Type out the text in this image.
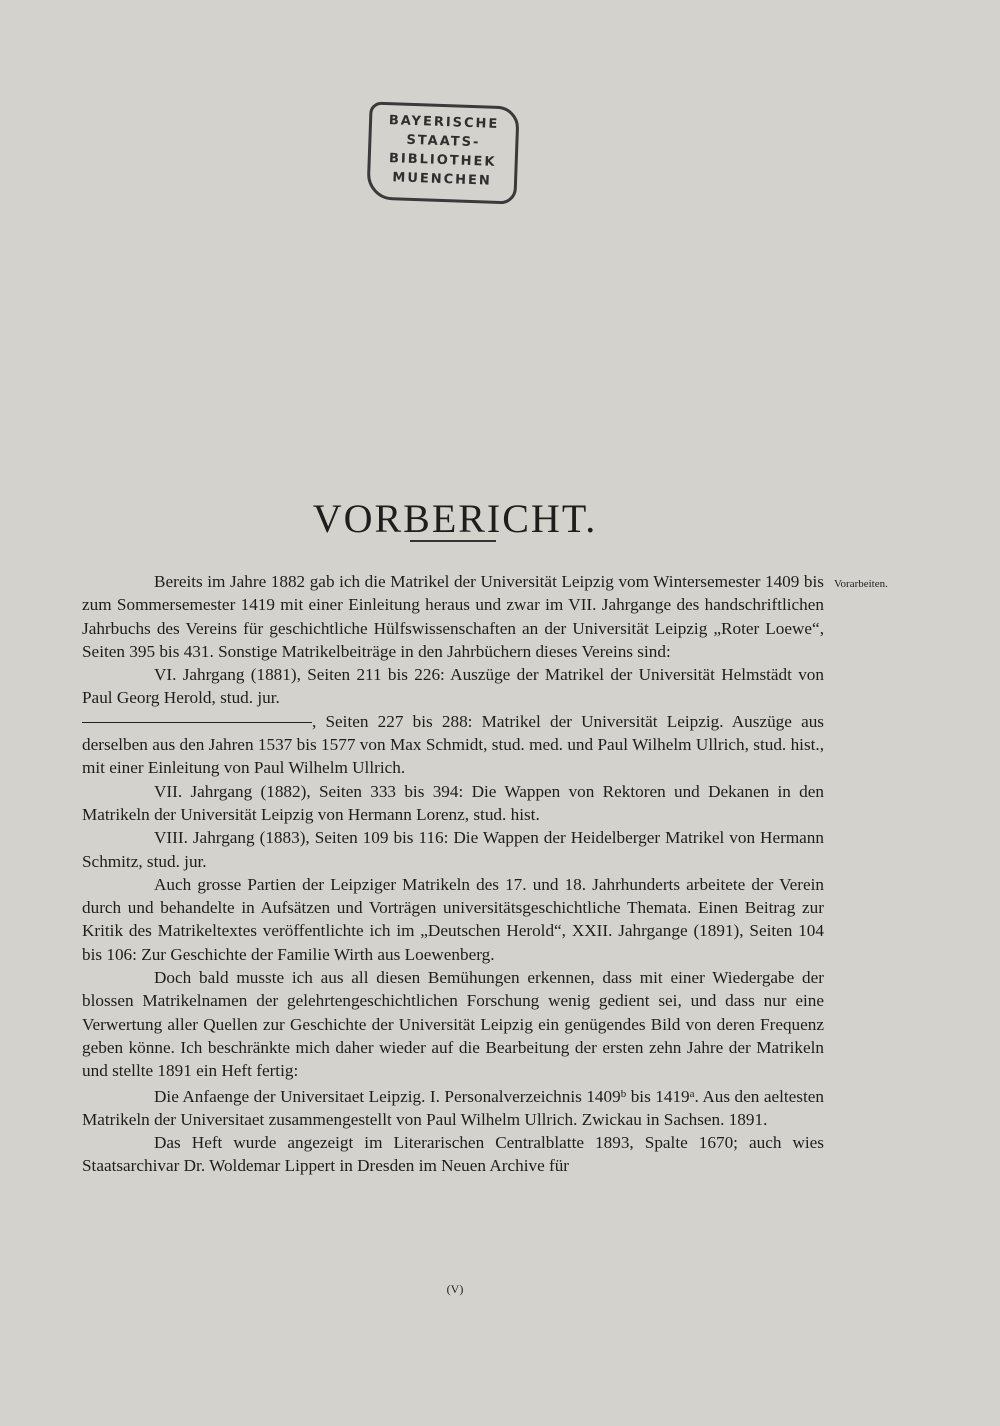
BAYERISCHE
STAATS-
BIBLIOTHEK
MUENCHEN
VORBERICHT.
Vorarbeiten.

Bereits im Jahre 1882 gab ich die Matrikel der Universität Leipzig vom Wintersemester 1409 bis zum Sommersemester 1419 mit einer Einleitung heraus und zwar im VII. Jahrgange des handschriftlichen Jahrbuchs des Vereins für geschichtliche Hülfswissenschaften an der Universität Leipzig „Roter Loewe“, Seiten 395 bis 431. Sonstige Matrikelbeiträge in den Jahrbüchern dieses Vereins sind:

VI. Jahrgang (1881), Seiten 211 bis 226: Auszüge der Matrikel der Universität Helmstädt von Paul Georg Herold, stud. jur.

, Seiten 227 bis 288: Matrikel der Universität Leipzig. Auszüge aus derselben aus den Jahren 1537 bis 1577 von Max Schmidt, stud. med. und Paul Wilhelm Ullrich, stud. hist., mit einer Einleitung von Paul Wilhelm Ullrich.

VII. Jahrgang (1882), Seiten 333 bis 394: Die Wappen von Rektoren und Dekanen in den Matrikeln der Universität Leipzig von Hermann Lorenz, stud. hist.

VIII. Jahrgang (1883), Seiten 109 bis 116: Die Wappen der Heidelberger Matrikel von Hermann Schmitz, stud. jur.

Auch grosse Partien der Leipziger Matrikeln des 17. und 18. Jahrhunderts arbeitete der Verein durch und behandelte in Aufsätzen und Vorträgen universitätsgeschichtliche Themata. Einen Beitrag zur Kritik des Matrikeltextes veröffentlichte ich im „Deutschen Herold“, XXII. Jahrgange (1891), Seiten 104 bis 106: Zur Geschichte der Familie Wirth aus Loewenberg.

Doch bald musste ich aus all diesen Bemühungen erkennen, dass mit einer Wiedergabe der blossen Matrikelnamen der gelehrtengeschichtlichen Forschung wenig gedient sei, und dass nur eine Verwertung aller Quellen zur Geschichte der Universität Leipzig ein genügendes Bild von deren Frequenz geben könne. Ich beschränkte mich daher wieder auf die Bearbeitung der ersten zehn Jahre der Matrikeln und stellte 1891 ein Heft fertig:

Die Anfaenge der Universitaet Leipzig. I. Personalverzeichnis 1409$^b$ bis 1419$^a$. Aus den aeltesten Matrikeln der Universitaet zusammengestellt von Paul Wilhelm Ullrich. Zwickau in Sachsen. 1891.

Das Heft wurde angezeigt im Literarischen Centralblatte 1893, Spalte 1670; auch wies Staatsarchivar Dr. Woldemar Lippert in Dresden im Neuen Archive für

(V)
